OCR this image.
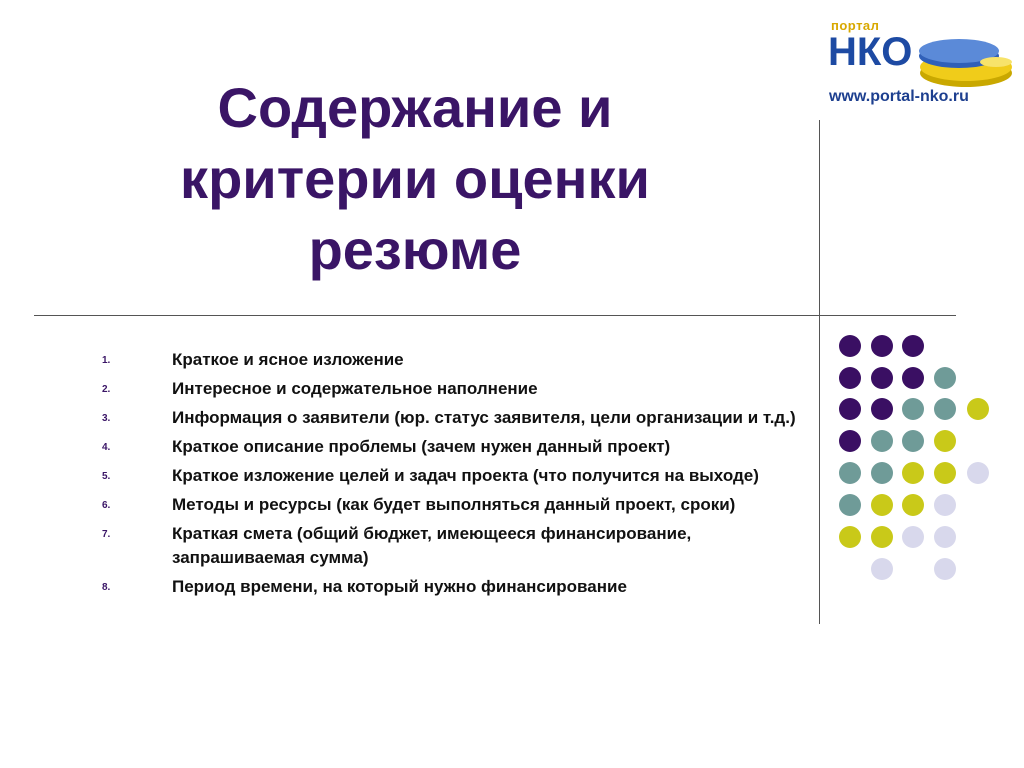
Содержание и
критерии оценки
резюме
портал
НКО
www.portal-nko.ru
1.	Краткое и ясное изложение
2.	Интересное и содержательное наполнение
3.	Информация о заявители (юр. статус заявителя, цели организации и т.д.)
4.	Краткое описание проблемы (зачем нужен данный проект)
5.	Краткое изложение целей и задач проекта (что получится на выходе)
6.	Методы и ресурсы (как будет выполняться данный проект, сроки)
7.	Краткая смета (общий бюджет, имеющееся финансирование, запрашиваемая сумма)
8.	Период времени, на который нужно финансирование
